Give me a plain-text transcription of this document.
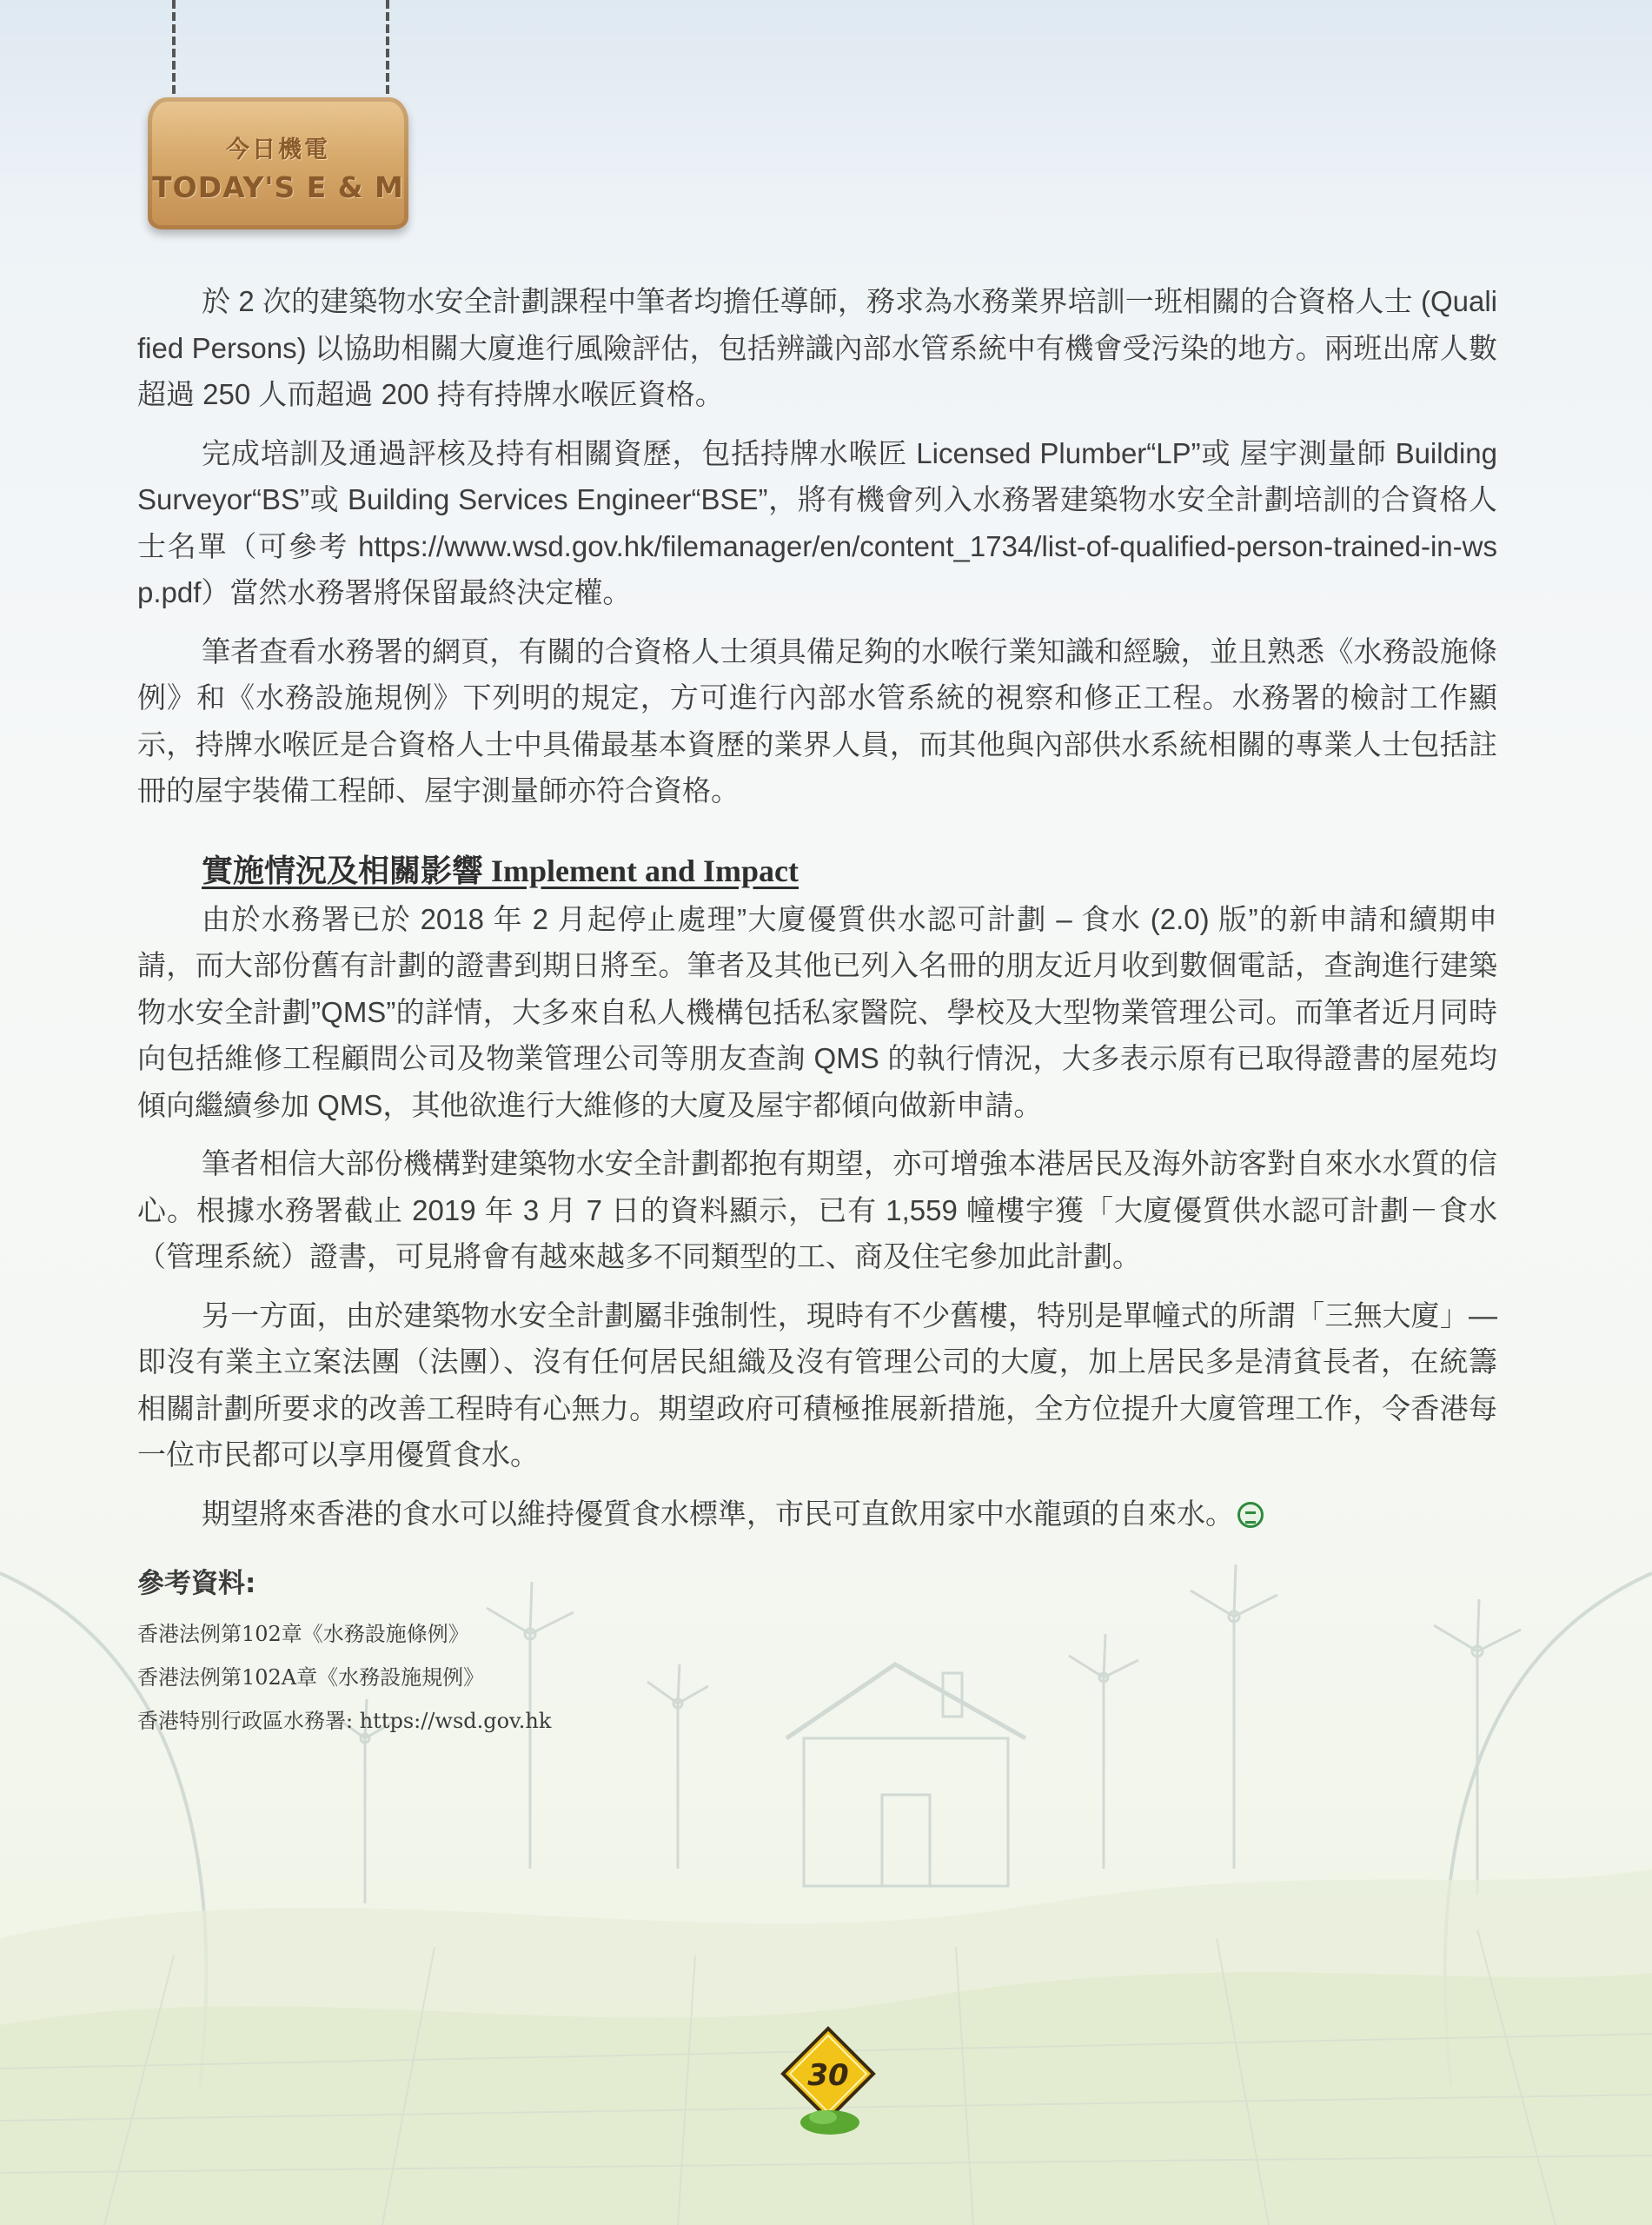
今日機電
TODAY'S E & M

於 2 次的建築物水安全計劃課程中筆者均擔任導師，務求為水務業界培訓一班相關的合資格人士 (Qualified Persons) 以協助相關大廈進行風險評估，包括辨識內部水管系統中有機會受污染的地方。兩班出席人數超過 250 人而超過 200 持有持牌水喉匠資格。

完成培訓及通過評核及持有相關資歷，包括持牌水喉匠 Licensed Plumber“LP”或 屋宇測量師 Building Surveyor“BS”或 Building Services Engineer“BSE”，將有機會列入水務署建築物水安全計劃培訓的合資格人士名單（可參考 https://www.wsd.gov.hk/filemanager/en/content_1734/list-of-qualified-person-trained-in-wsp.pdf）當然水務署將保留最終決定權。

筆者查看水務署的網頁，有關的合資格人士須具備足夠的水喉行業知識和經驗，並且熟悉《水務設施條例》和《水務設施規例》下列明的規定，方可進行內部水管系統的視察和修正工程。水務署的檢討工作顯示，持牌水喉匠是合資格人士中具備最基本資歷的業界人員，而其他與內部供水系統相關的專業人士包括註冊的屋宇裝備工程師、屋宇測量師亦符合資格。

實施情況及相關影響 Implement and Impact

由於水務署已於 2018 年 2 月起停止處理”大廈優質供水認可計劃 – 食水 (2.0) 版”的新申請和續期申請，而大部份舊有計劃的證書到期日將至。筆者及其他已列入名冊的朋友近月收到數個電話，查詢進行建築物水安全計劃”QMS”的詳情，大多來自私人機構包括私家醫院、學校及大型物業管理公司。而筆者近月同時向包括維修工程顧問公司及物業管理公司等朋友查詢 QMS 的執行情況，大多表示原有已取得證書的屋苑均傾向繼續參加 QMS，其他欲進行大維修的大廈及屋宇都傾向做新申請。

筆者相信大部份機構對建築物水安全計劃都抱有期望，亦可增強本港居民及海外訪客對自來水水質的信心。根據水務署截止 2019 年 3 月 7 日的資料顯示，已有 1,559 幢樓宇獲「大廈優質供水認可計劃－食水（管理系統）證書，可見將會有越來越多不同類型的工、商及住宅參加此計劃。

另一方面，由於建築物水安全計劃屬非強制性，現時有不少舊樓，特別是單幢式的所謂「三無大廈」—即沒有業主立案法團（法團）、沒有任何居民組織及沒有管理公司的大廈，加上居民多是清貧長者，在統籌相關計劃所要求的改善工程時有心無力。期望政府可積極推展新措施，全方位提升大廈管理工作，令香港每一位市民都可以享用優質食水。

期望將來香港的食水可以維持優質食水標準，市民可直飲用家中水龍頭的自來水。

參考資料:
香港法例第102章《水務設施條例》
香港法例第102A章《水務設施規例》
香港特別行政區水務署: https://wsd.gov.hk
30
